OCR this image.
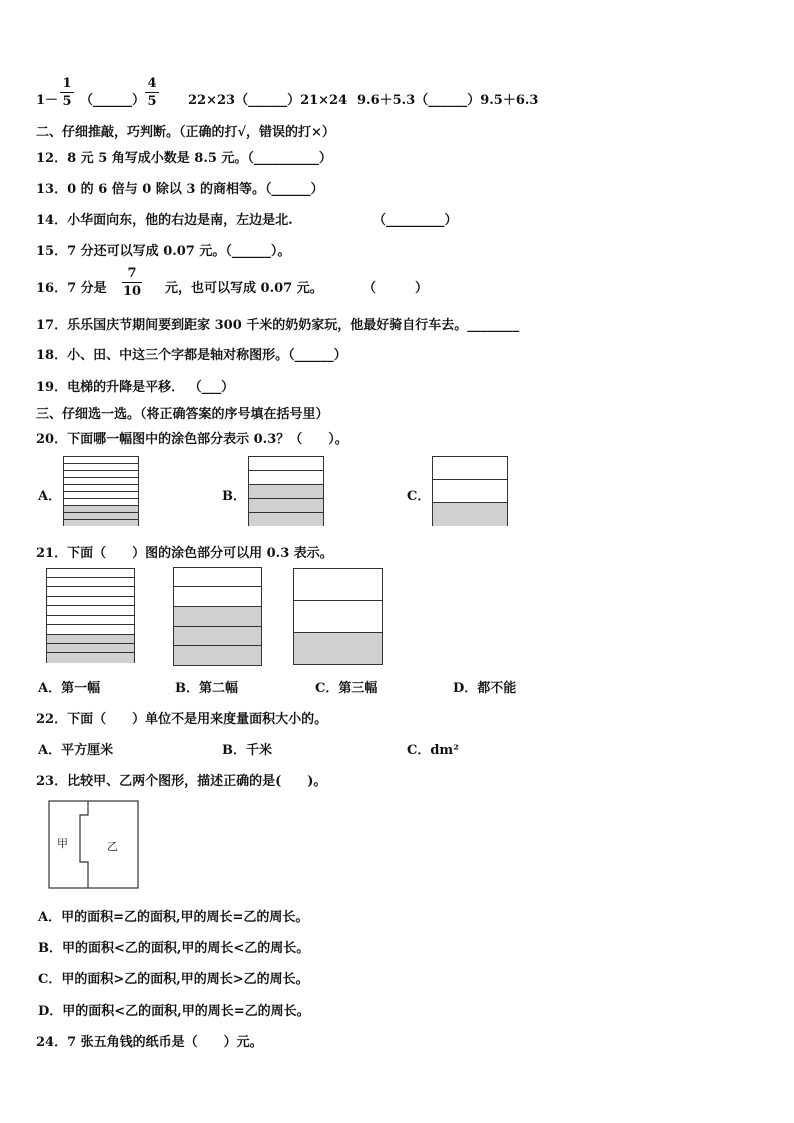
1－
1
5 （______）
4
5 22×23（______）21×24 9.6＋5.3（______）9.5＋6.3
二、仔细推敲，巧判断。（正确的打√，错误的打×）
12．8 元 5 角写成小数是 8.5 元。（__________）
13．0 的 6 倍与 0 除以 3 的商相等。（______）
14．小华面向东，他的右边是南，左边是北.	（_________）
15．7 分还可以写成 0.07 元。（______）。
16．7 分是
7
10 元，也可以写成 0.07 元。	（　　　）
17．乐乐国庆节期间要到距家 300 千米的奶奶家玩，他最好骑自行车去。________
18．小、田、中这三个字都是轴对称图形。（______）
19．电梯的升降是平移． （___）
三、仔细选一选。（将正确答案的序号填在括号里）
20．下面哪一幅图中的涂色部分表示 0.3？（　　）。
A．	B．	C．
21．下面（　　）图的涂色部分可以用 0.3 表示。
A．第一幅	B．第二幅	C．第三幅	D．都不能
22．下面（　　）单位不是用来度量面积大小的。
A．平方厘米	B．千米	C．dm²
23．比较甲、乙两个图形，描述正确的是(　　)。
甲	乙
A．甲的面积=乙的面积,甲的周长=乙的周长。
B．甲的面积<乙的面积,甲的周长<乙的周长。
C．甲的面积>乙的面积,甲的周长>乙的周长。
D．甲的面积<乙的面积,甲的周长=乙的周长。
24．7 张五角钱的纸币是（　　）元。
